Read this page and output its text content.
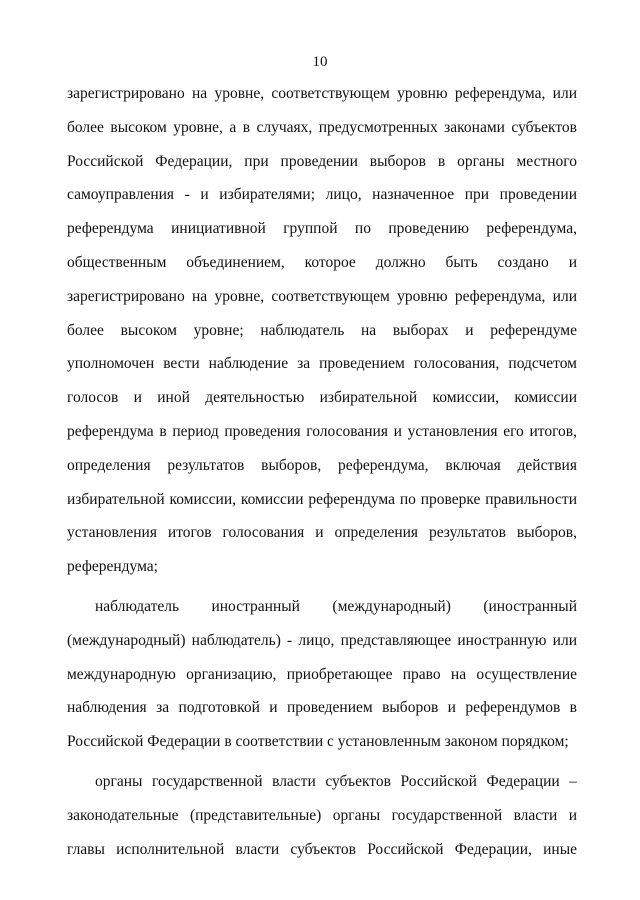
10
зарегистрировано на уровне, соответствующем уровню референдума, или
более высоком уровне, а в случаях, предусмотренных законами субъектов
Российской Федерации, при проведении выборов в органы местного
самоуправления - и избирателями; лицо, назначенное при проведении
референдума инициативной группой по проведению референдума,
общественным объединением, которое должно быть создано и
зарегистрировано на уровне, соответствующем уровню референдума, или
более высоком уровне; наблюдатель на выборах и референдуме
уполномочен вести наблюдение за проведением голосования, подсчетом
голосов и иной деятельностью избирательной комиссии, комиссии
референдума в период проведения голосования и установления его итогов,
определения результатов выборов, референдума, включая действия
избирательной комиссии, комиссии референдума по проверке правильности
установления итогов голосования и определения результатов выборов,
референдума;
наблюдатель иностранный (международный) (иностранный
(международный) наблюдатель) - лицо, представляющее иностранную или
международную организацию, приобретающее право на осуществление
наблюдения за подготовкой и проведением выборов и референдумов в
Российской Федерации в соответствии с установленным законом порядком;
органы государственной власти субъектов Российской Федерации –
законодательные (представительные) органы государственной власти и
главы исполнительной власти субъектов Российской Федерации, иные
